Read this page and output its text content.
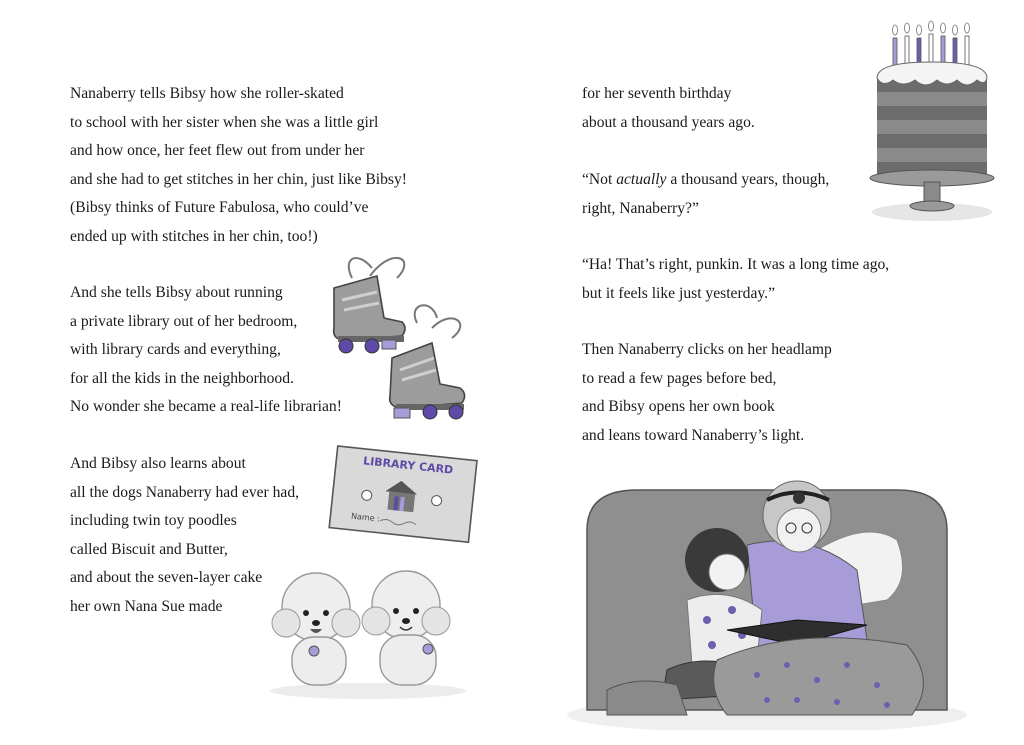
Nanaberry tells Bibsy how she roller-skated
to school with her sister when she was a little girl
and how once, her feet flew out from under her
and she had to get stitches in her chin, just like Bibsy!
(Bibsy thinks of Future Fabulosa, who could’ve
ended up with stitches in her chin, too!)
And she tells Bibsy about running
a private library out of her bedroom,
with library cards and everything,
for all the kids in the neighborhood.
No wonder she became a real-life librarian!
And Bibsy also learns about
all the dogs Nanaberry had ever had,
including twin toy poodles
called Biscuit and Butter,
and about the seven-layer cake
her own Nana Sue made
LIBRARY CARD
Name :
for her seventh birthday
about a thousand years ago.
“Not actually a thousand years, though,
right, Nanaberry?”
“Ha! That’s right, punkin. It was a long time ago,
but it feels like just yesterday.”
Then Nanaberry clicks on her headlamp
to read a few pages before bed,
and Bibsy opens her own book
and leans toward Nanaberry’s light.
